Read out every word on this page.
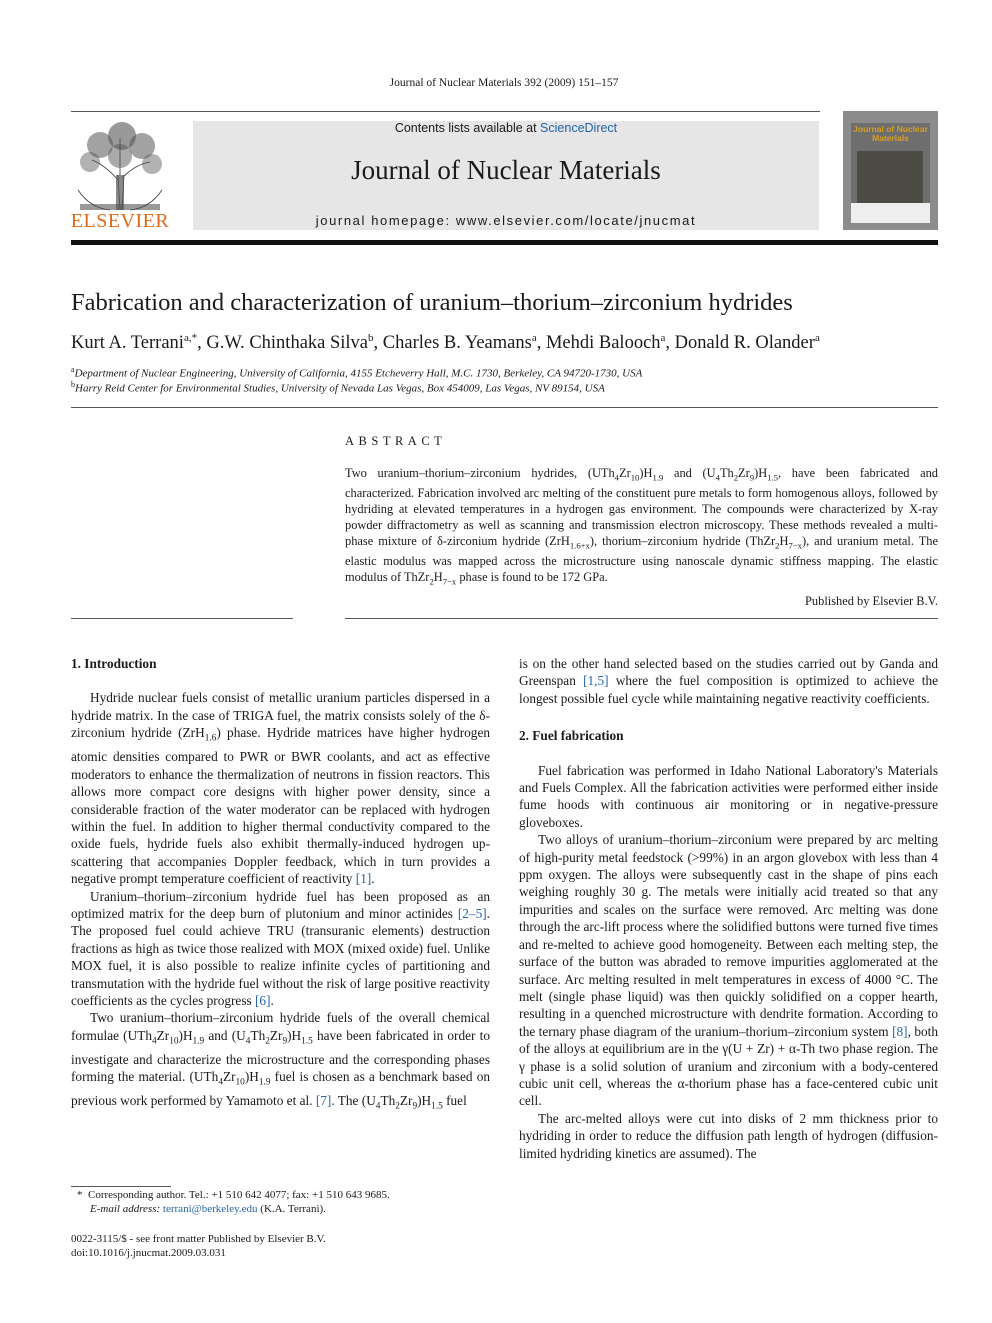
Journal of Nuclear Materials 392 (2009) 151–157
ELSEVIER
Contents lists available at ScienceDirect
Journal of Nuclear Materials
journal homepage: www.elsevier.com/locate/jnucmat
Journal of Nuclear Materials
Fabrication and characterization of uranium–thorium–zirconium hydrides
Kurt A. Terrani$^{a,*}$, G.W. Chinthaka Silva$^b$, Charles B. Yeamans$^a$, Mehdi Balooch$^a$, Donald R. Olander$^a$
$^a$Department of Nuclear Engineering, University of California, 4155 Etcheverry Hall, M.C. 1730, Berkeley, CA 94720-1730, USA
$^b$Harry Reid Center for Environmental Studies, University of Nevada Las Vegas, Box 454009, Las Vegas, NV 89154, USA
ABSTRACT
Two uranium–thorium–zirconium hydrides, $(UTh_4Zr_{10})H_{1.9}$ and $(U_4Th_2Zr_9)H_{1.5}$, have been fabricated and characterized. Fabrication involved arc melting of the constituent pure metals to form homogenous alloys, followed by hydriding at elevated temperatures in a hydrogen gas environment. The compounds were characterized by X-ray powder diffractometry as well as scanning and transmission electron microscopy. These methods revealed a multi-phase mixture of δ-zirconium hydride (ZrH$_{1.6+x}$), thorium–zirconium hydride $(ThZr_2H_{7-x})$, and uranium metal. The elastic modulus was mapped across the microstructure using nanoscale dynamic stiffness mapping. The elastic modulus of $ThZr_2H_{7-x}$ phase is found to be 172 GPa.
Published by Elsevier B.V.
1. Introduction

Hydride nuclear fuels consist of metallic uranium particles dispersed in a hydride matrix. In the case of TRIGA fuel, the matrix consists solely of the δ-zirconium hydride (ZrH$_{1.6}$) phase. Hydride matrices have higher hydrogen atomic densities compared to PWR or BWR coolants, and act as effective moderators to enhance the thermalization of neutrons in fission reactors. This allows more compact core designs with higher power density, since a considerable fraction of the water moderator can be replaced with hydrogen within the fuel. In addition to higher thermal conductivity compared to the oxide fuels, hydride fuels also exhibit thermally-induced hydrogen up-scattering that accompanies Doppler feedback, which in turn provides a negative prompt temperature coefficient of reactivity [1].

Uranium–thorium–zirconium hydride fuel has been proposed as an optimized matrix for the deep burn of plutonium and minor actinides [2–5]. The proposed fuel could achieve TRU (transuranic elements) destruction fractions as high as twice those realized with MOX (mixed oxide) fuel. Unlike MOX fuel, it is also possible to realize infinite cycles of partitioning and transmutation with the hydride fuel without the risk of large positive reactivity coefficients as the cycles progress [6].

Two uranium–thorium–zirconium hydride fuels of the overall chemical formulae $(UTh_4Zr_{10})H_{1.9}$ and $(U_4Th_2Zr_9)H_{1.5}$ have been fabricated in order to investigate and characterize the microstructure and the corresponding phases forming the material. $(UTh_4Zr_{10})H_{1.9}$ fuel is chosen as a benchmark based on previous work performed by Yamamoto et al. [7]. The $(U_4Th_2Zr_9)H_{1.5}$ fuel

is on the other hand selected based on the studies carried out by Ganda and Greenspan [1,5] where the fuel composition is optimized to achieve the longest possible fuel cycle while maintaining negative reactivity coefficients.

2. Fuel fabrication

Fuel fabrication was performed in Idaho National Laboratory's Materials and Fuels Complex. All the fabrication activities were performed either inside fume hoods with continuous air monitoring or in negative-pressure gloveboxes.

Two alloys of uranium–thorium–zirconium were prepared by arc melting of high-purity metal feedstock (>99%) in an argon glovebox with less than 4 ppm oxygen. The alloys were subsequently cast in the shape of pins each weighing roughly 30 g. The metals were initially acid treated so that any impurities and scales on the surface were removed. Arc melting was done through the arc-lift process where the solidified buttons were turned five times and re-melted to achieve good homogeneity. Between each melting step, the surface of the button was abraded to remove impurities agglomerated at the surface. Arc melting resulted in melt temperatures in excess of 4000 °C. The melt (single phase liquid) was then quickly solidified on a copper hearth, resulting in a quenched microstructure with dendrite formation. According to the ternary phase diagram of the uranium–thorium–zirconium system [8], both of the alloys at equilibrium are in the γ(U + Zr) + α-Th two phase region. The γ phase is a solid solution of uranium and zirconium with a body-centered cubic unit cell, whereas the α-thorium phase has a face-centered cubic unit cell.

The arc-melted alloys were cut into disks of 2 mm thickness prior to hydriding in order to reduce the diffusion path length of hydrogen (diffusion-limited hydriding kinetics are assumed). The

*  Corresponding author. Tel.: +1 510 642 4077; fax: +1 510 643 9685.
E-mail address: terrani@berkeley.edu (K.A. Terrani).
0022-3115/$ - see front matter Published by Elsevier B.V.
doi:10.1016/j.jnucmat.2009.03.031
